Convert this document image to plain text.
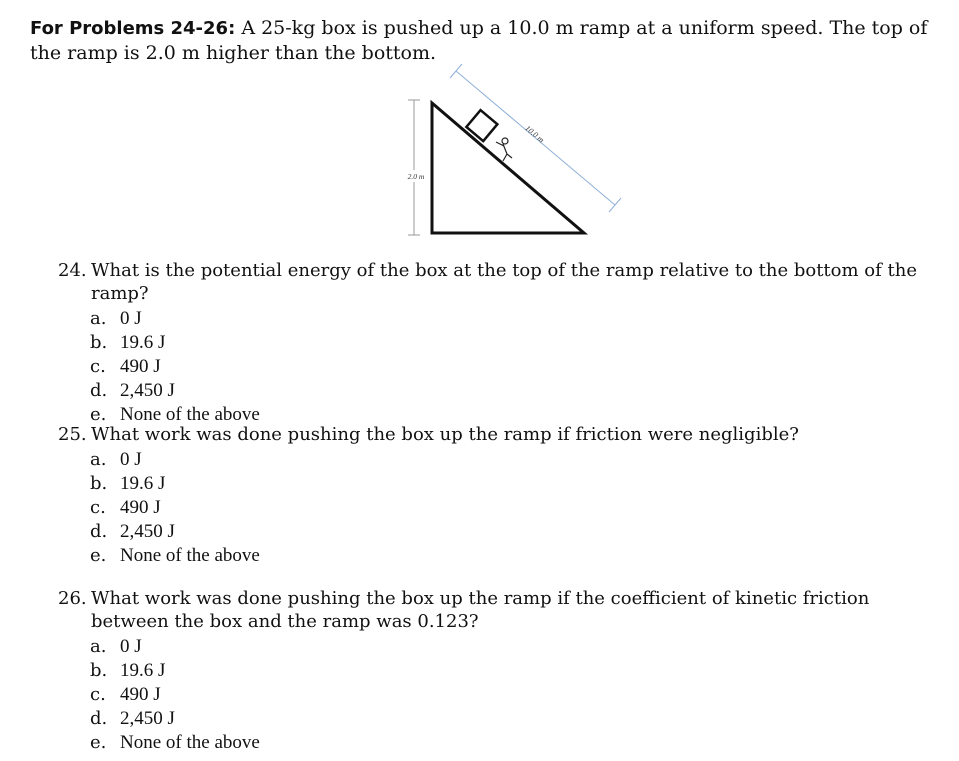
For Problems 24-26: A 25-kg box is pushed up a 10.0 m ramp at a uniform speed. The top of the ramp is 2.0 m higher than the bottom.
2.0 m
10.0 m
24. What is the potential energy of the box at the top of the ramp relative to the bottom of the ramp?
a. 0 J
b. 19.6 J
c. 490 J
d. 2,450 J
e. None of the above
25. What work was done pushing the box up the ramp if friction were negligible?
a. 0 J
b. 19.6 J
c. 490 J
d. 2,450 J
e. None of the above
26. What work was done pushing the box up the ramp if the coefficient of kinetic friction between the box and the ramp was 0.123?
a. 0 J
b. 19.6 J
c. 490 J
d. 2,450 J
e. None of the above
